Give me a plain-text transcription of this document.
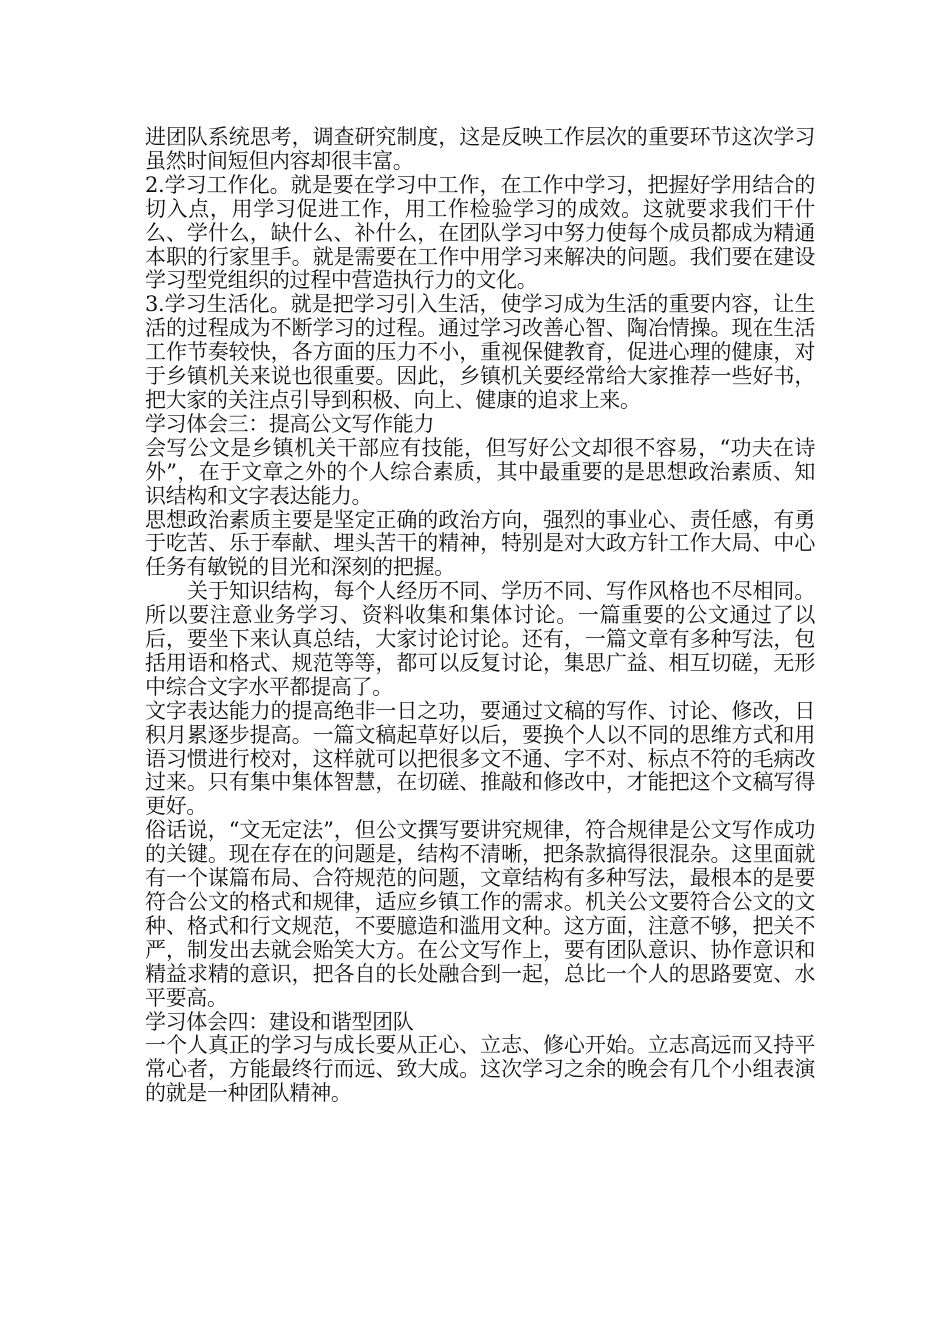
进团队系统思考，调查研究制度，这是反映工作层次的重要环节这次学习虽然时间短但内容却很丰富。

2.学习工作化。就是要在学习中工作，在工作中学习，把握好学用结合的切入点，用学习促进工作，用工作检验学习的成效。这就要求我们干什么、学什么，缺什么、补什么，在团队学习中努力使每个成员都成为精通本职的行家里手。就是需要在工作中用学习来解决的问题。我们要在建设学习型党组织的过程中营造执行力的文化。

3.学习生活化。就是把学习引入生活，使学习成为生活的重要内容，让生活的过程成为不断学习的过程。通过学习改善心智、陶冶情操。现在生活工作节奏较快，各方面的压力不小，重视保健教育，促进心理的健康，对于乡镇机关来说也很重要。因此，乡镇机关要经常给大家推荐一些好书，把大家的关注点引导到积极、向上、健康的追求上来。

学习体会三：提高公文写作能力

会写公文是乡镇机关干部应有技能，但写好公文却很不容易，“功夫在诗外”，在于文章之外的个人综合素质，其中最重要的是思想政治素质、知识结构和文字表达能力。

思想政治素质主要是坚定正确的政治方向，强烈的事业心、责任感，有勇于吃苦、乐于奉献、埋头苦干的精神，特别是对大政方针工作大局、中心任务有敏锐的目光和深刻的把握。

关于知识结构，每个人经历不同、学历不同、写作风格也不尽相同。所以要注意业务学习、资料收集和集体讨论。一篇重要的公文通过了以后，要坐下来认真总结，大家讨论讨论。还有，一篇文章有多种写法，包括用语和格式、规范等等，都可以反复讨论，集思广益、相互切磋，无形中综合文字水平都提高了。

文字表达能力的提高绝非一日之功，要通过文稿的写作、讨论、修改，日积月累逐步提高。一篇文稿起草好以后，要换个人以不同的思维方式和用语习惯进行校对，这样就可以把很多文不通、字不对、标点不符的毛病改过来。只有集中集体智慧，在切磋、推敲和修改中，才能把这个文稿写得更好。

俗话说，“文无定法”，但公文撰写要讲究规律，符合规律是公文写作成功的关键。现在存在的问题是，结构不清晰，把条款搞得很混杂。这里面就有一个谋篇布局、合符规范的问题，文章结构有多种写法，最根本的是要符合公文的格式和规律，适应乡镇工作的需求。机关公文要符合公文的文种、格式和行文规范，不要臆造和滥用文种。这方面，注意不够，把关不严，制发出去就会贻笑大方。在公文写作上，要有团队意识、协作意识和精益求精的意识，把各自的长处融合到一起，总比一个人的思路要宽、水平要高。

学习体会四：建设和谐型团队

一个人真正的学习与成长要从正心、立志、修心开始。立志高远而又持平常心者，方能最终行而远、致大成。这次学习之余的晚会有几个小组表演的就是一种团队精神。
